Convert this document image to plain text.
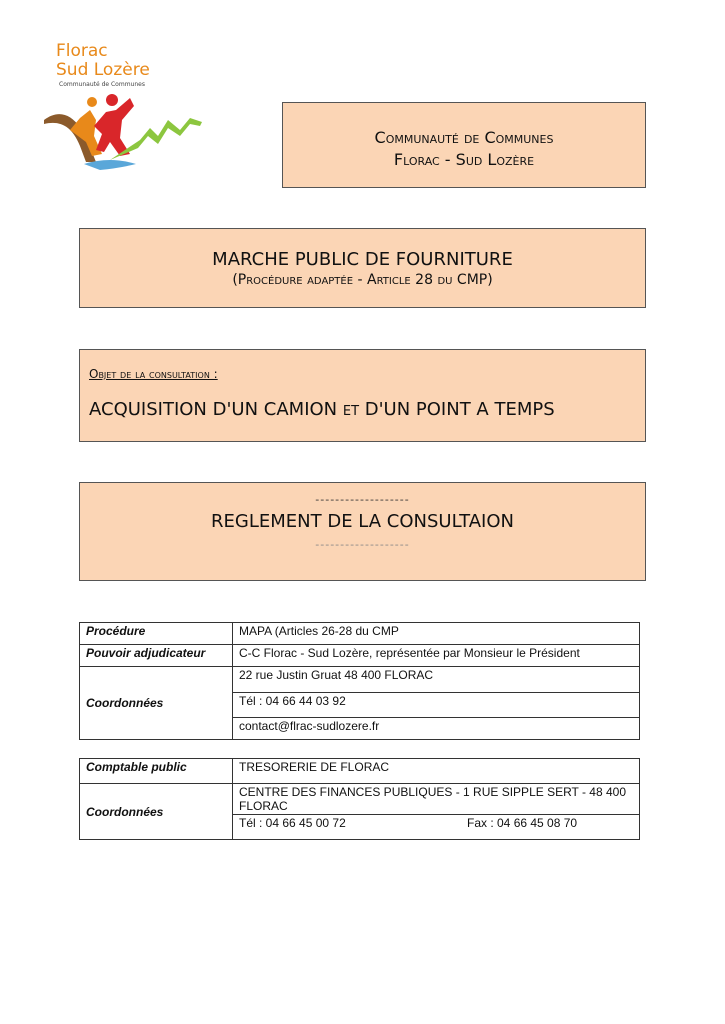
Florac
Sud Lozère
Communauté de Communes
Communauté de Communes
Florac - Sud Lozère
MARCHE PUBLIC DE FOURNITURE
(Procédure adaptée - Article 28 du CMP)
Objet de la consultation :
ACQUISITION D'UN CAMION et D'UN POINT A TEMPS
-------------------
REGLEMENT DE LA CONSULTAION
-------------------
Procédure	MAPA (Articles 26-28 du CMP
Pouvoir adjudicateur	C-C Florac - Sud Lozère, représentée par Monsieur le Président
Coordonnées	22 rue Justin Gruat 48 400 FLORAC
	Tél : 04 66 44 03 92
	contact@flrac-sudlozere.fr
Comptable public	TRESORERIE DE FLORAC
Coordonnées	CENTRE DES FINANCES PUBLIQUES - 1 RUE SIPPLE SERT - 48 400 FLORAC
	Tél : 04 66 45 00 72 Fax : 04 66 45 08 70
